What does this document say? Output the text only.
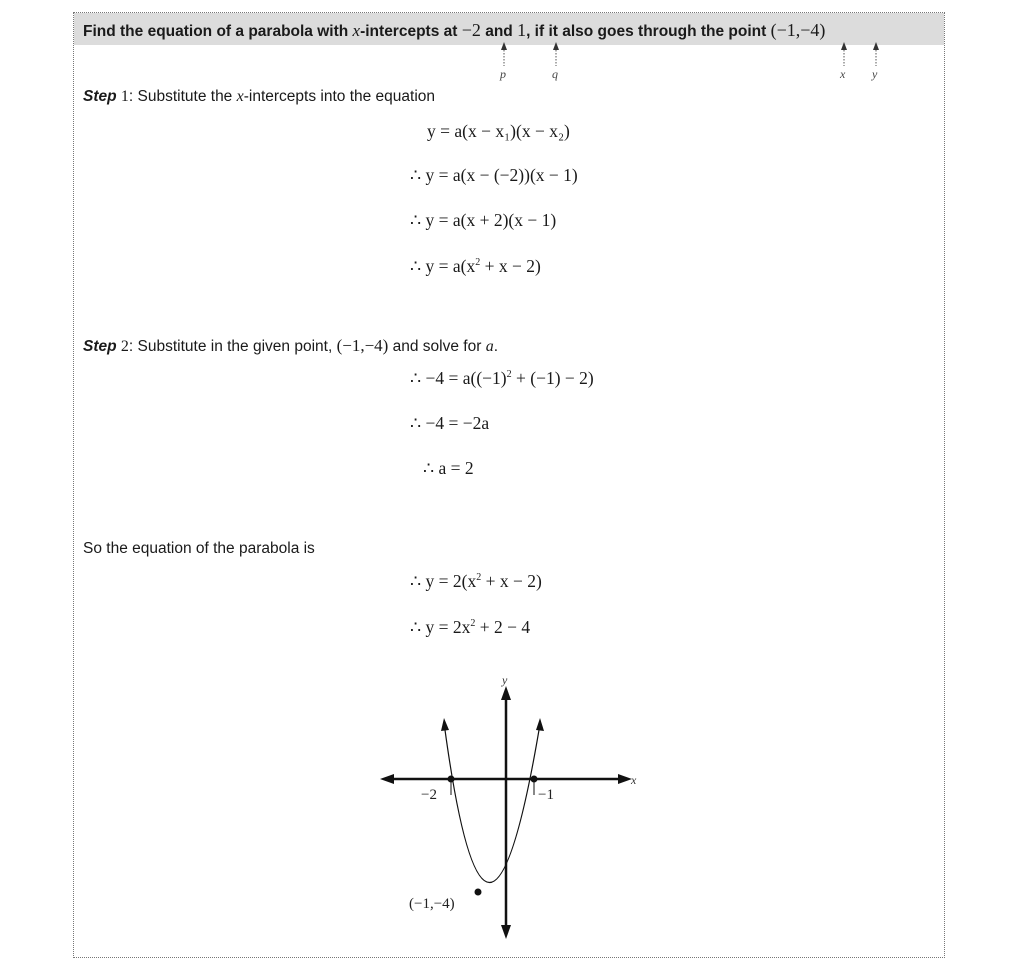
Find the equation of a parabola with x-intercepts at −2 and 1, if it also goes through the point (−1,−4)
p	q	x y
Step 1: Substitute the x-intercepts into the equation
y = a(x − x₁)(x − x₂)
∴ y = a(x − (−2))(x − 1)
∴ y = a(x + 2)(x − 1)
∴ $y = a(x^2 + x - 2)$
Step 2: Substitute in the given point, (−1,−4) and solve for a.
∴ $-4 = a((-1)^2 + (-1) - 2)$
∴ −4 = −2a
∴ a = 2
So the equation of the parabola is
∴ $y = 2(x^2 + x - 2)$
∴ $y = 2x^2 + 2 - 4$
x
y
−2	−1
(−1,−4)
